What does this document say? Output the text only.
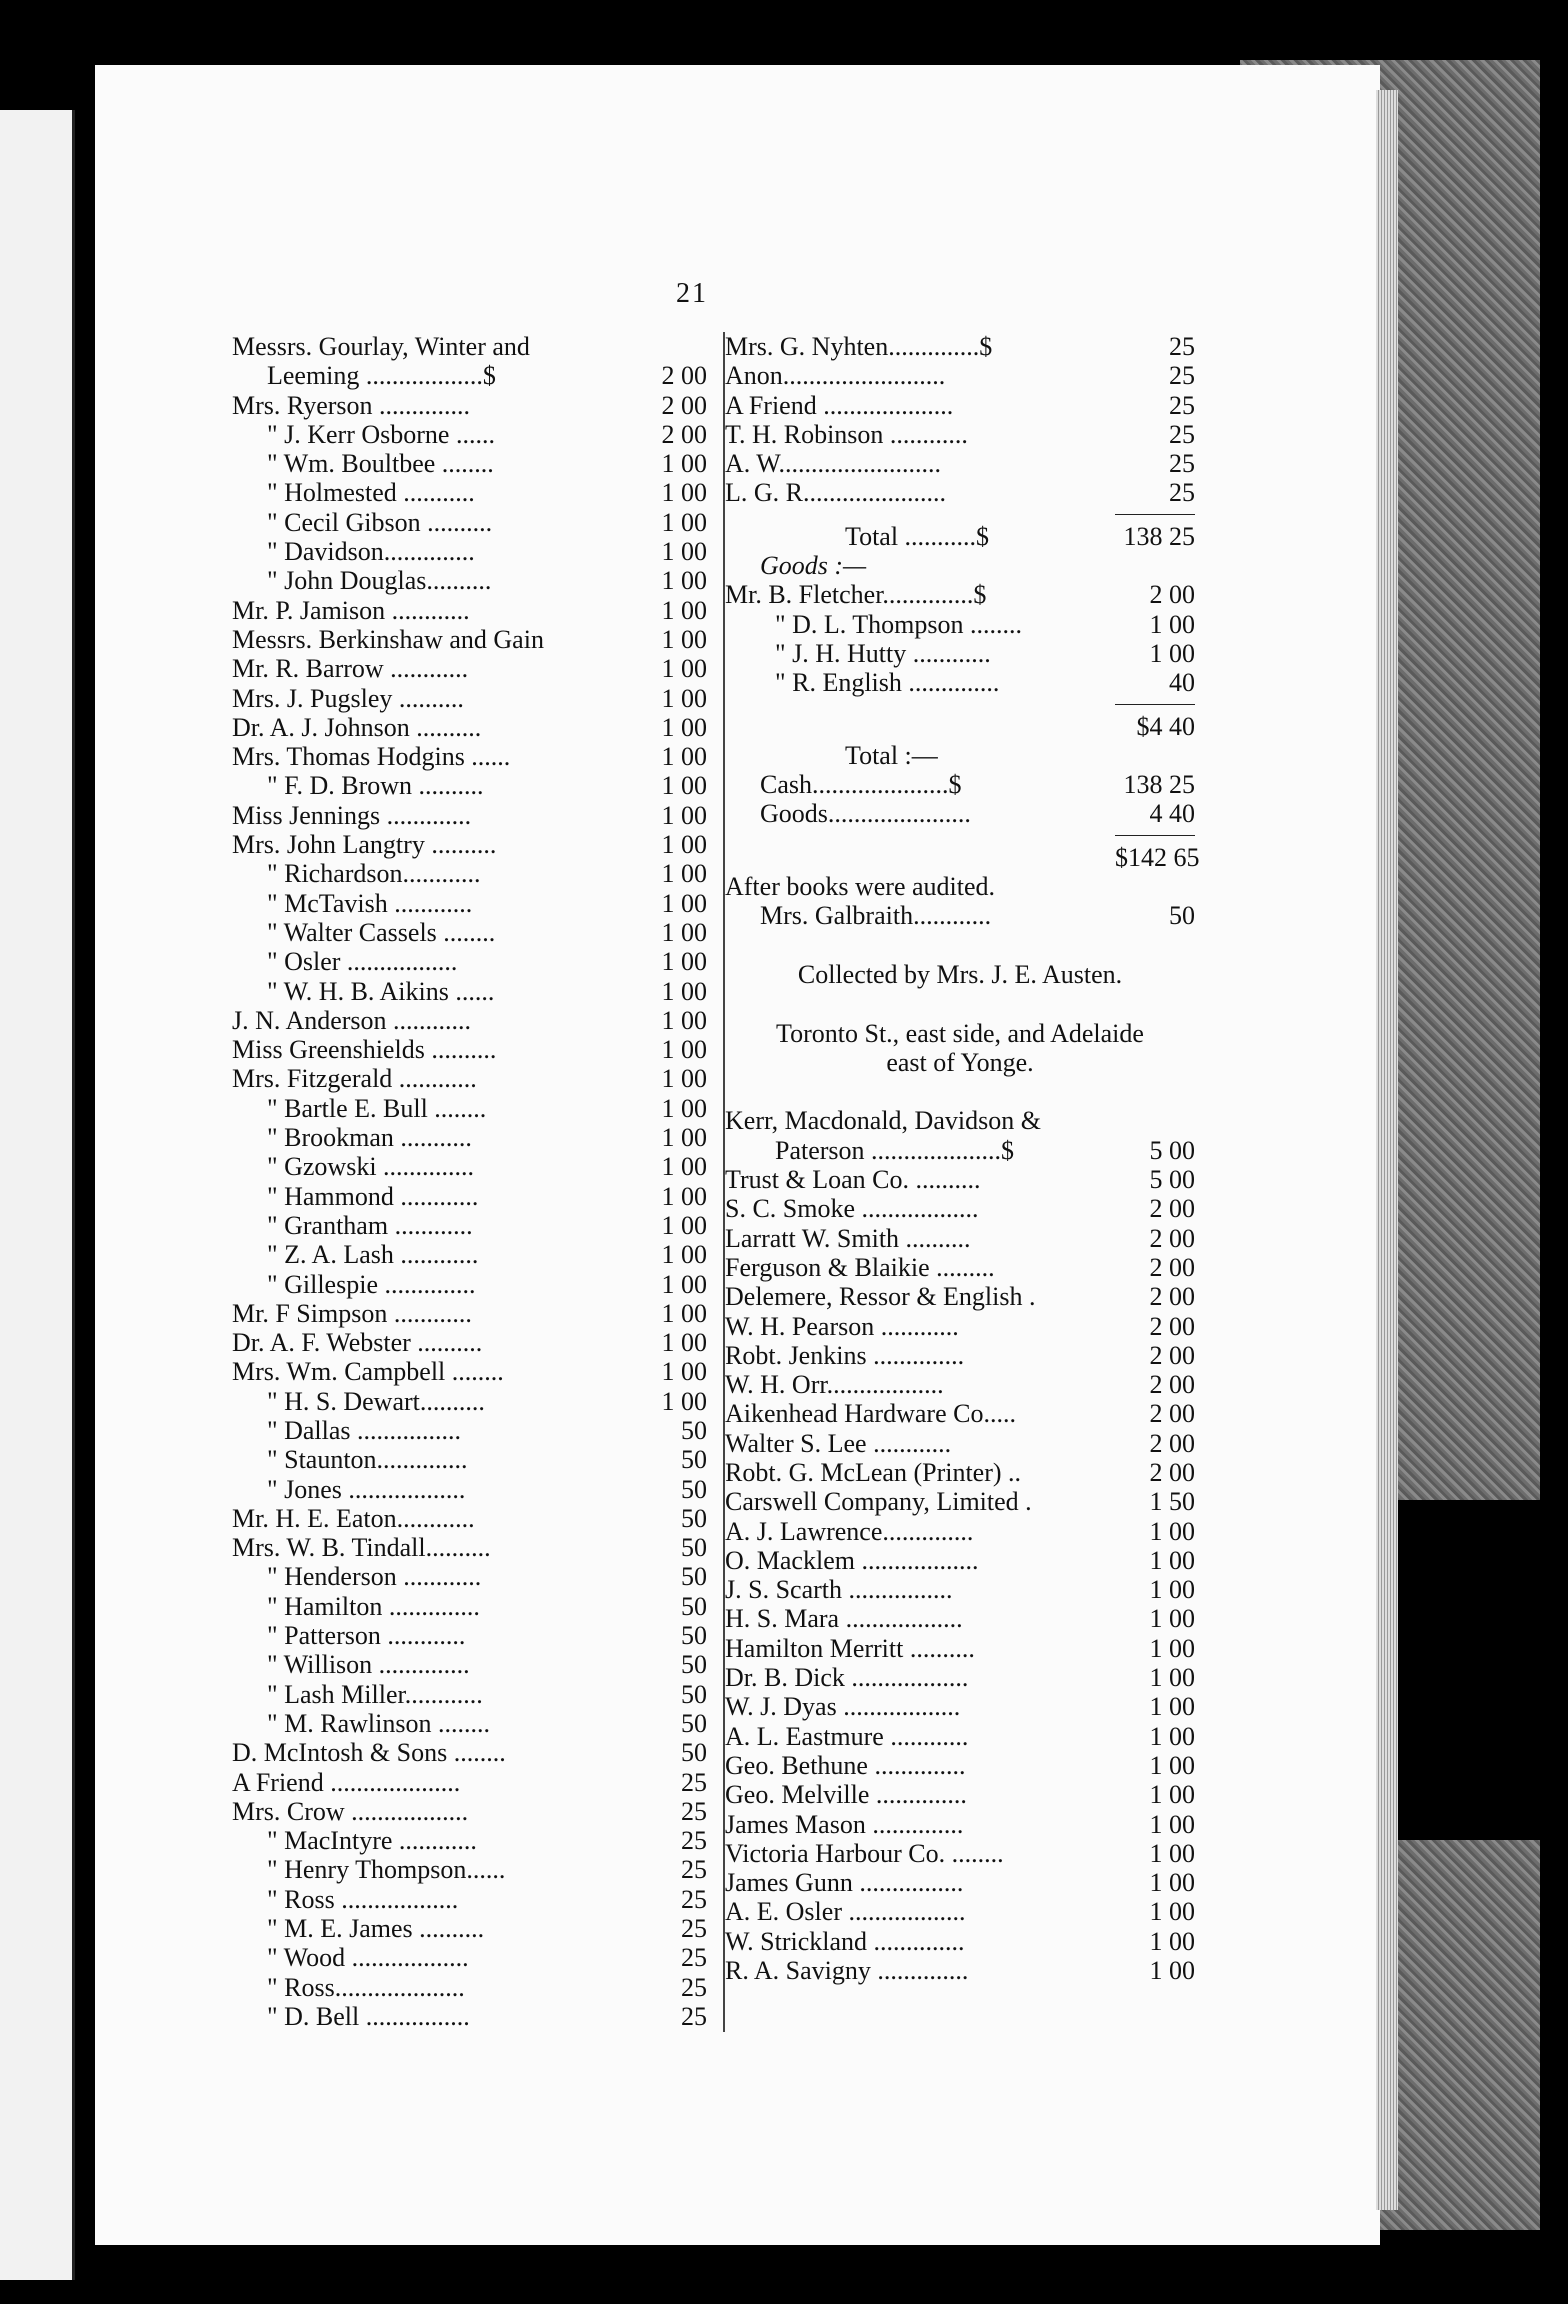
21
Messrs. Gourlay, Winter and
Leeming ..................$	2 00
Mrs. Ryerson ..............	2 00
" J. Kerr Osborne ......	2 00
" Wm. Boultbee ........	1 00
" Holmested ...........	1 00
" Cecil Gibson ..........	1 00
" Davidson..............	1 00
" John Douglas..........	1 00
Mr. P. Jamison ............	1 00
Messrs. Berkinshaw and Gain	1 00
Mr. R. Barrow ............	1 00
Mrs. J. Pugsley ..........	1 00
Dr. A. J. Johnson ..........	1 00
Mrs. Thomas Hodgins ......	1 00
" F. D. Brown ..........	1 00
Miss Jennings .............	1 00
Mrs. John Langtry ..........	1 00
" Richardson............	1 00
" McTavish ............	1 00
" Walter Cassels ........	1 00
" Osler .................	1 00
" W. H. B. Aikins ......	1 00
J. N. Anderson ............	1 00
Miss Greenshields ..........	1 00
Mrs. Fitzgerald ............	1 00
" Bartle E. Bull ........	1 00
" Brookman ...........	1 00
" Gzowski ..............	1 00
" Hammond ............	1 00
" Grantham ............	1 00
" Z. A. Lash ............	1 00
" Gillespie ..............	1 00
Mr. F Simpson ............	1 00
Dr. A. F. Webster ..........	1 00
Mrs. Wm. Campbell ........	1 00
" H. S. Dewart..........	1 00
" Dallas ................	50
" Staunton..............	50
" Jones ..................	50
Mr. H. E. Eaton............	50
Mrs. W. B. Tindall..........	50
" Henderson ............	50
" Hamilton ..............	50
" Patterson ............	50
" Willison ..............	50
" Lash Miller............	50
" M. Rawlinson ........	50
D. McIntosh & Sons ........	50
A Friend ....................	25
Mrs. Crow ..................	25
" MacIntyre ............	25
" Henry Thompson......	25
" Ross ..................	25
" M. E. James ..........	25
" Wood ..................	25
" Ross....................	25
" D. Bell ................	25
Mrs. G. Nyhten..............$	25
Anon.........................	25
A Friend ....................	25
T. H. Robinson ............	25
A. W.........................	25
L. G. R......................	25
Total ...........$	138 25
Goods :—
Mr. B. Fletcher..............$	2 00
" D. L. Thompson ........	1 00
" J. H. Hutty ............	1 00
" R. English ..............	40
$4 40
Total :—
Cash.....................$	138 25
Goods......................	4 40
$142 65
After books were audited.
Mrs. Galbraith............	50
Collected by Mrs. J. E. Austen.
Toronto St., east side, and Adelaide
east of Yonge.
Kerr, Macdonald, Davidson &
Paterson ....................$	5 00
Trust & Loan Co. ..........	5 00
S. C. Smoke ..................	2 00
Larratt W. Smith ..........	2 00
Ferguson & Blaikie .........	2 00
Delemere, Ressor & English .	2 00
W. H. Pearson ............	2 00
Robt. Jenkins ..............	2 00
W. H. Orr..................	2 00
Aikenhead Hardware Co.....	2 00
Walter S. Lee ............	2 00
Robt. G. McLean (Printer) ..	2 00
Carswell Company, Limited .	1 50
A. J. Lawrence..............	1 00
O. Macklem ..................	1 00
J. S. Scarth ................	1 00
H. S. Mara ..................	1 00
Hamilton Merritt ..........	1 00
Dr. B. Dick ..................	1 00
W. J. Dyas ..................	1 00
A. L. Eastmure ............	1 00
Geo. Bethune ..............	1 00
Geo. Melville ..............	1 00
James Mason ..............	1 00
Victoria Harbour Co. ........	1 00
James Gunn ................	1 00
A. E. Osler ..................	1 00
W. Strickland ..............	1 00
R. A. Savigny ..............	1 00
